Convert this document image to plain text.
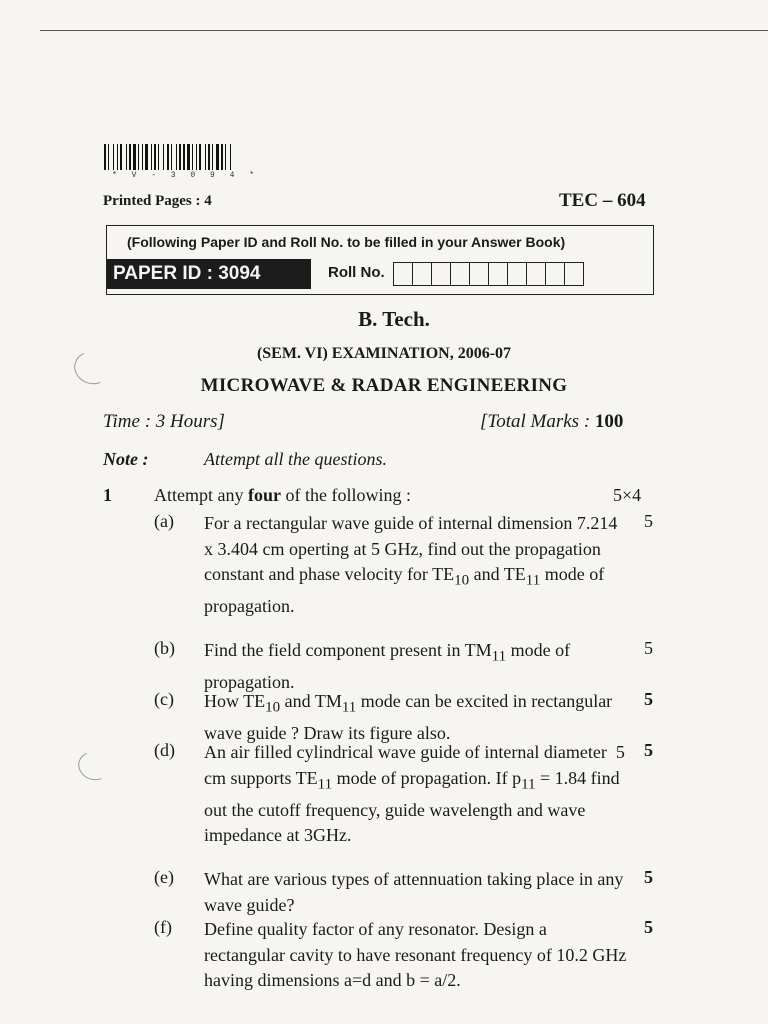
* V - 3 0 9 4 *
Printed Pages : 4	TEC – 604
(Following Paper ID and Roll No. to be filled in your Answer Book)
PAPER ID : 3094	Roll No.
B. Tech.
(SEM. VI) EXAMINATION, 2006-07
MICROWAVE & RADAR ENGINEERING
Time : 3 Hours]	[Total Marks : 100
Note :	Attempt all the questions.
1 Attempt any four of the following :	5×4
(a) For a rectangular wave guide of internal dimension 7.214 x 3.404 cm operting at 5 GHz, find out the propagation constant and phase velocity for $TE_{10}$ and $TE_{11}$ mode of propagation.
5
(b) Find the field component present in $TM_{11}$ mode of propagation.
5
(c) How $TE_{10}$ and $TM_{11}$ mode can be excited in rectangular wave guide ? Draw its figure also.
5
(d) An air filled cylindrical wave guide of internal diameter  5 cm supports $TE_{11}$ mode of propagation. If $p_{11} = 1.84$ find out the cutoff frequency, guide wavelength and wave impedance at 3GHz.
5
(e) What are various types of attennuation taking place in any wave guide?
5
(f) Define quality factor of any resonator. Design a rectangular cavity to have resonant frequency of 10.2 GHz having dimensions a=d and b = a/2.
5
